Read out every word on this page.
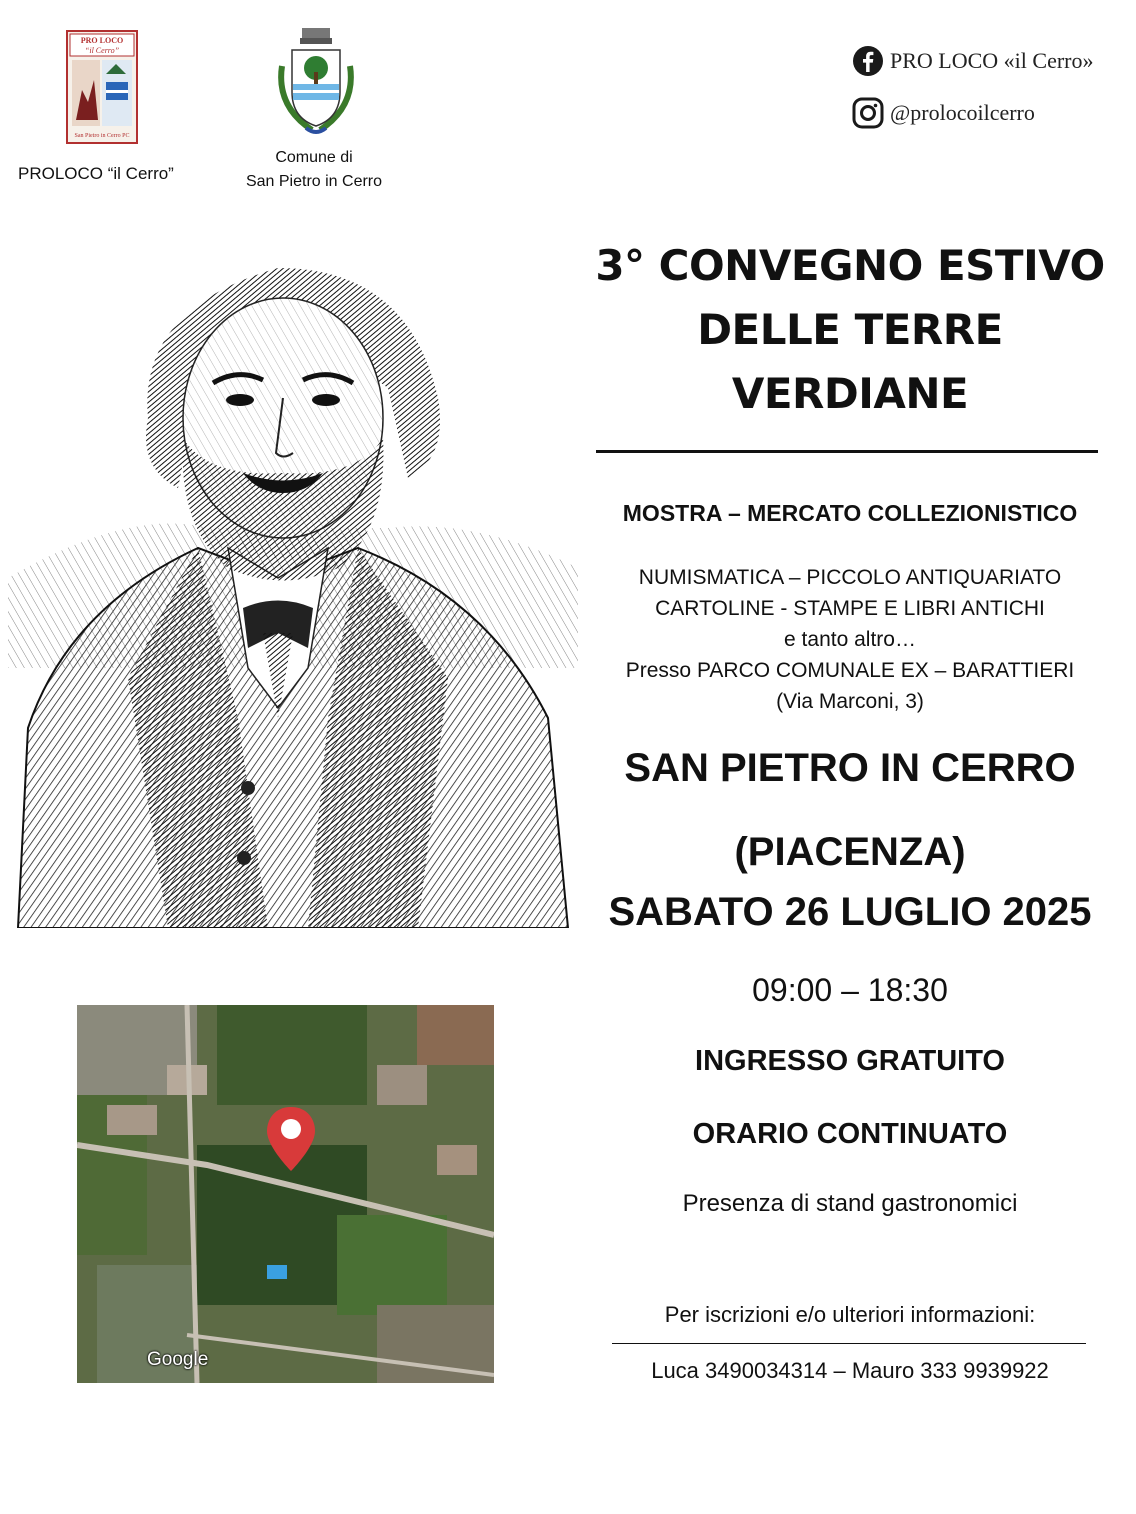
PRO LOCO
“il Cerro”
San Pietro in Cerro PC
PROLOCO “il Cerro”
Comune di
San Pietro in Cerro
PRO LOCO «il Cerro»
@prolocoilcerro
Google
3° CONVEGNO ESTIVO
DELLE TERRE
VERDIANE
MOSTRA – MERCATO COLLEZIONISTICO
NUMISMATICA – PICCOLO ANTIQUARIATO
CARTOLINE - STAMPE E LIBRI ANTICHI
e tanto altro…
Presso PARCO COMUNALE EX – BARATTIERI
(Via Marconi, 3)
SAN PIETRO IN CERRO
(PIACENZA)
SABATO 26 LUGLIO 2025
09:00 – 18:30
INGRESSO GRATUITO
ORARIO CONTINUATO
Presenza di stand gastronomici
Per iscrizioni e/o ulteriori informazioni:
Luca 3490034314 – Mauro 333 9939922
